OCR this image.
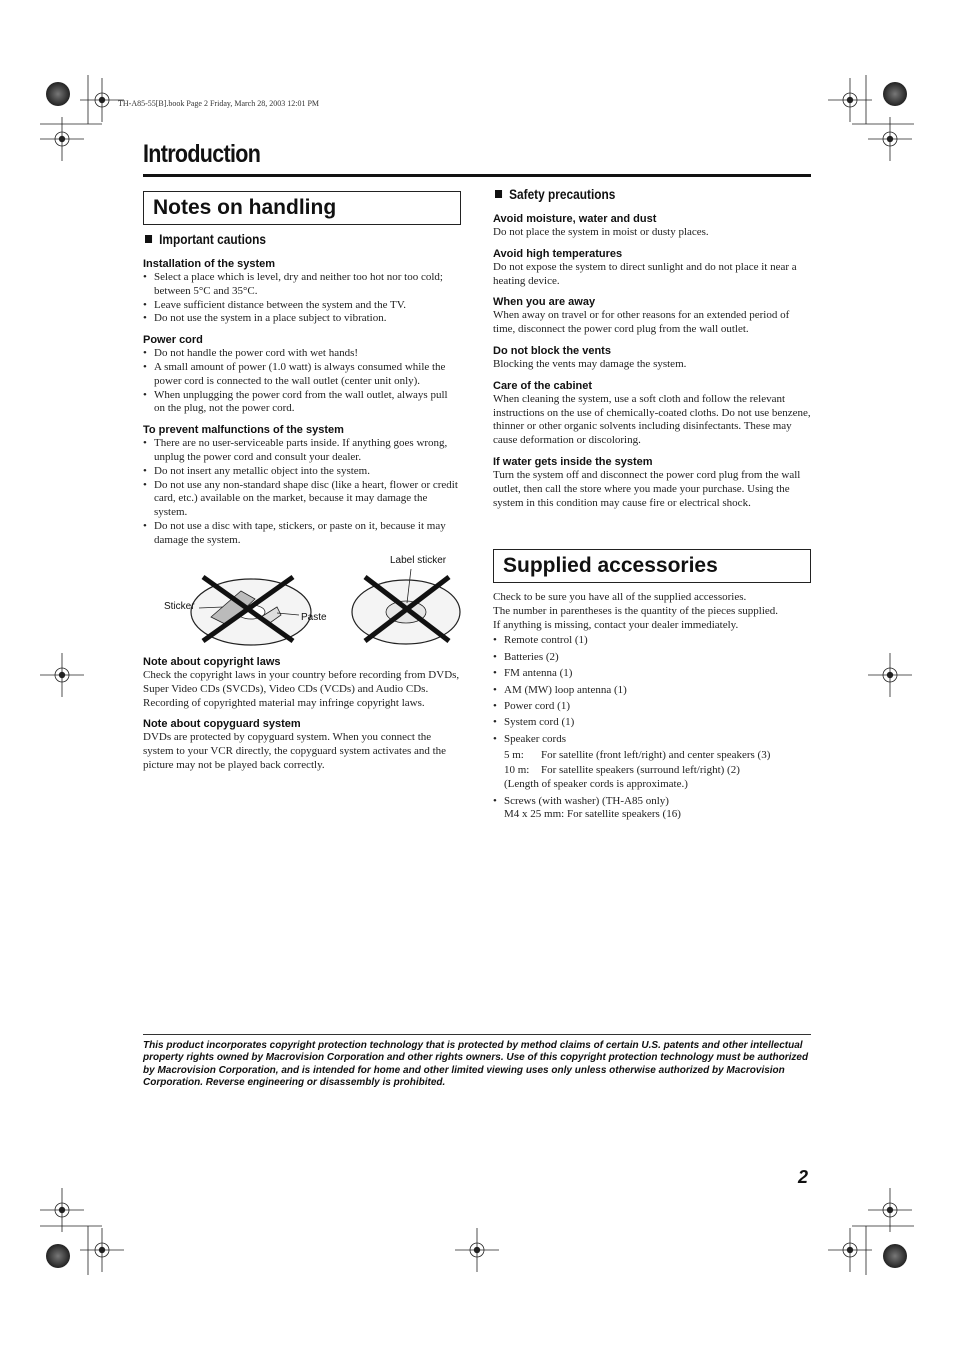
TH-A85-55[B].book Page 2 Friday, March 28, 2003 12:01 PM
Introduction
Notes on handling
Important cautions
Installation of the system
• Select a place which is level, dry and neither too hot nor too cold; between 5°C and 35°C.
• Leave sufficient distance between the system and the TV.
• Do not use the system in a place subject to vibration.
Power cord
• Do not handle the power cord with wet hands!
• A small amount of power (1.0 watt) is always consumed while the power cord is connected to the wall outlet (center unit only).
• When unplugging the power cord from the wall outlet, always pull on the plug, not the power cord.
To prevent malfunctions of the system
• There are no user-serviceable parts inside. If anything goes wrong, unplug the power cord and consult your dealer.
• Do not insert any metallic object into the system.
• Do not use any non-standard shape disc (like a heart, flower or credit card, etc.) available on the market, because it may damage the system.
• Do not use a disc with tape, stickers, or paste on it, because it may damage the system.
Sticker
Paste
Label sticker
Note about copyright laws

Check the copyright laws in your country before recording from DVDs, Super Video CDs (SVCDs), Video CDs (VCDs) and Audio CDs. Recording of copyrighted material may infringe copyright laws.

Note about copyguard system

DVDs are protected by copyguard system. When you connect the system to your VCR directly, the copyguard system activates and the picture may not be played back correctly.

Safety precautions
Avoid moisture, water and dust

Do not place the system in moist or dusty places.

Avoid high temperatures

Do not expose the system to direct sunlight and do not place it near a heating device.

When you are away

When away on travel or for other reasons for an extended period of time, disconnect the power cord plug from the wall outlet.

Do not block the vents

Blocking the vents may damage the system.

Care of the cabinet

When cleaning the system, use a soft cloth and follow the relevant instructions on the use of chemically-coated cloths. Do not use benzene, thinner or other organic solvents including disinfectants. These may cause deformation or discoloring.

If water gets inside the system

Turn the system off and disconnect the power cord plug from the wall outlet, then call the store where you made your purchase. Using the system in this condition may cause fire or electrical shock.

Supplied accessories

Check to be sure you have all of the supplied accessories.

The number in parentheses is the quantity of the pieces supplied.

If anything is missing, contact your dealer immediately.

• Remote control (1)
• Batteries (2)
• FM antenna (1)
• AM (MW) loop antenna (1)
• Power cord (1)
• System cord (1)
• Speaker cords
5 m:	For satellite (front left/right) and center speakers (3)
10 m:	For satellite speakers (surround left/right) (2)
(Length of speaker cords is approximate.)
• Screws (with washer) (TH-A85 only)
M4 x 25 mm: For satellite speakers (16)
This product incorporates copyright protection technology that is protected by method claims of certain U.S. patents and other intellectual property rights owned by Macrovision Corporation and other rights owners. Use of this copyright protection technology must be authorized by Macrovision Corporation, and is intended for home and other limited viewing uses only unless otherwise authorized by Macrovision Corporation. Reverse engineering or disassembly is prohibited.
2
